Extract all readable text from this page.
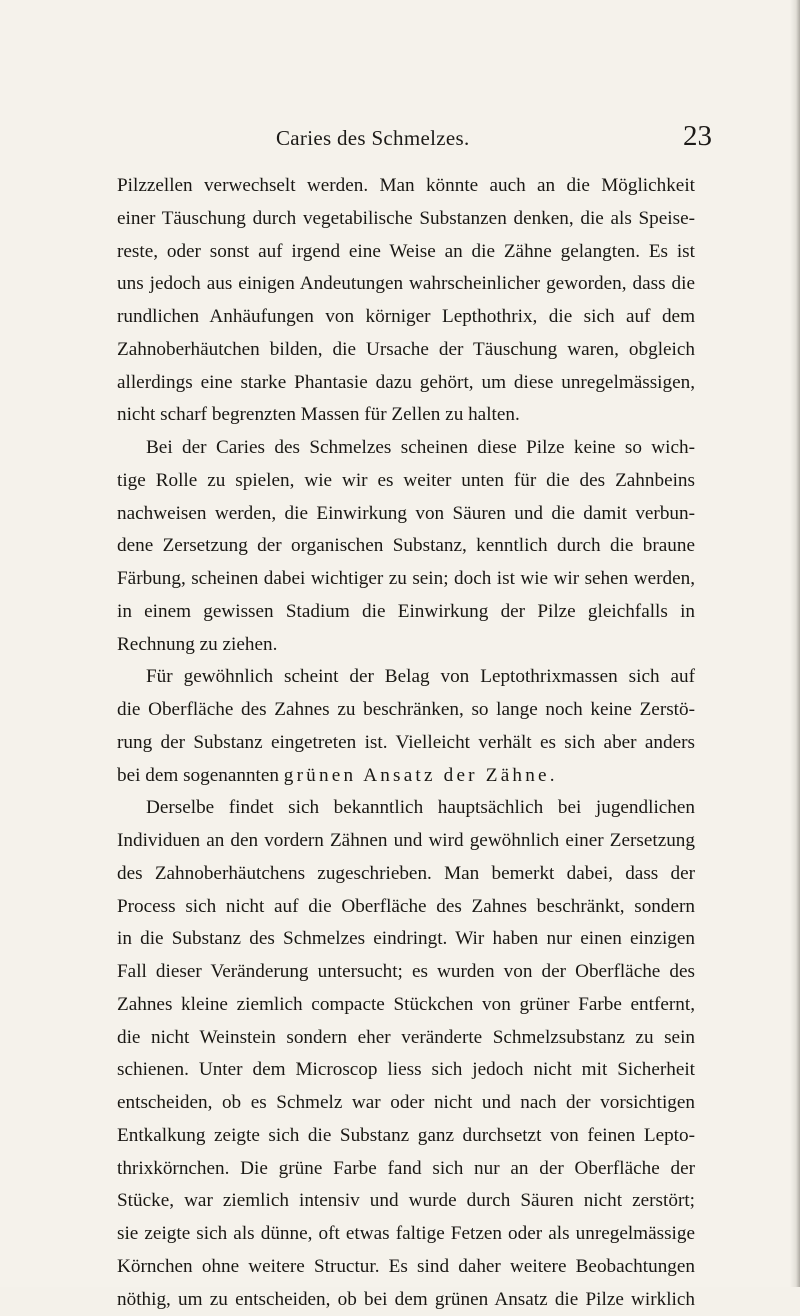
Caries des Schmelzes.	23
Pilzzellen verwechselt werden. Man könnte auch an die Möglichkeit
einer Täuschung durch vegetabilische Substanzen denken, die als Speise-
reste, oder sonst auf irgend eine Weise an die Zähne gelangten. Es ist
uns jedoch aus einigen Andeutungen wahrscheinlicher geworden, dass die
rundlichen Anhäufungen von körniger Lepthothrix, die sich auf dem
Zahnoberhäutchen bilden, die Ursache der Täuschung waren, obgleich
allerdings eine starke Phantasie dazu gehört, um diese unregelmässigen,
nicht scharf begrenzten Massen für Zellen zu halten.
Bei der Caries des Schmelzes scheinen diese Pilze keine so wich-
tige Rolle zu spielen, wie wir es weiter unten für die des Zahnbeins
nachweisen werden, die Einwirkung von Säuren und die damit verbun-
dene Zersetzung der organischen Substanz, kenntlich durch die braune
Färbung, scheinen dabei wichtiger zu sein; doch ist wie wir sehen werden,
in einem gewissen Stadium die Einwirkung der Pilze gleichfalls in
Rechnung zu ziehen.
Für gewöhnlich scheint der Belag von Leptothrixmassen sich auf
die Oberfläche des Zahnes zu beschränken, so lange noch keine Zerstö-
rung der Substanz eingetreten ist. Vielleicht verhält es sich aber anders
bei dem sogenannten grünen Ansatz der Zähne.
Derselbe findet sich bekanntlich hauptsächlich bei jugendlichen
Individuen an den vordern Zähnen und wird gewöhnlich einer Zersetzung
des Zahnoberhäutchens zugeschrieben. Man bemerkt dabei, dass der
Process sich nicht auf die Oberfläche des Zahnes beschränkt, sondern
in die Substanz des Schmelzes eindringt. Wir haben nur einen einzigen
Fall dieser Veränderung untersucht; es wurden von der Oberfläche des
Zahnes kleine ziemlich compacte Stückchen von grüner Farbe entfernt,
die nicht Weinstein sondern eher veränderte Schmelzsubstanz zu sein
schienen. Unter dem Microscop liess sich jedoch nicht mit Sicherheit
entscheiden, ob es Schmelz war oder nicht und nach der vorsichtigen
Entkalkung zeigte sich die Substanz ganz durchsetzt von feinen Lepto-
thrixkörnchen. Die grüne Farbe fand sich nur an der Oberfläche der
Stücke, war ziemlich intensiv und wurde durch Säuren nicht zerstört;
sie zeigte sich als dünne, oft etwas faltige Fetzen oder als unregelmässige
Körnchen ohne weitere Structur. Es sind daher weitere Beobachtungen
nöthig, um zu entscheiden, ob bei dem grünen Ansatz die Pilze wirklich
